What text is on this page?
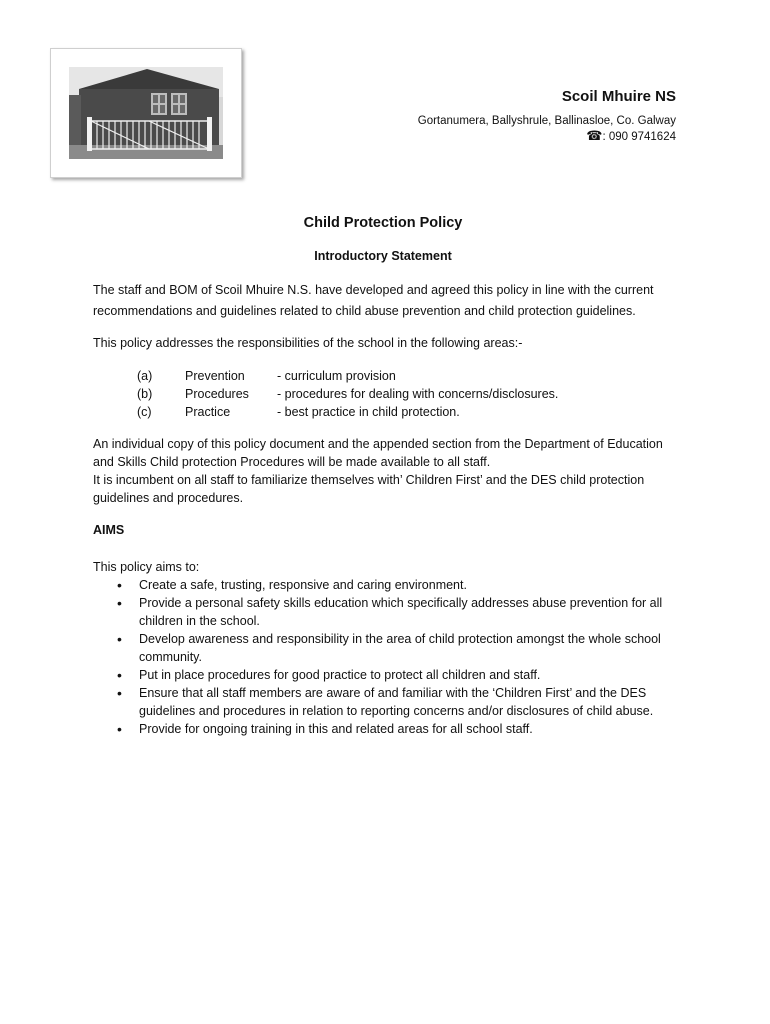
Scoil Mhuire NS
Gortanumera, Ballyshrule, Ballinasloe, Co. Galway
☎: 090 9741624
Child Protection Policy
Introductory Statement

The staff and BOM of Scoil Mhuire N.S. have developed and agreed this policy in line with the current recommendations and guidelines related to child abuse prevention and child protection guidelines.

This policy addresses the responsibilities of the school in the following areas:-

(a)	Prevention	- curriculum provision
(b)	Procedures	- procedures for dealing with concerns/disclosures.
(c)	Practice	- best practice in child protection.
An individual copy of this policy document and the appended section from the Department of Education and Skills Child protection Procedures will be made available to all staff.
It is incumbent on all staff to familiarize themselves with’ Children First’ and the DES child protection guidelines and procedures.
AIMS
This policy aims to:
• Create a safe, trusting, responsive and caring environment.
• Provide a personal safety skills education which specifically addresses abuse prevention for all children in the school.
• Develop awareness and responsibility in the area of child protection amongst the whole school community.
• Put in place procedures for good practice to protect all children and staff.
• Ensure that all staff members are aware of and familiar with the ‘Children First’ and the DES guidelines and procedures in relation to reporting concerns and/or disclosures of child abuse.
• Provide for ongoing training in this and related areas for all school staff.
